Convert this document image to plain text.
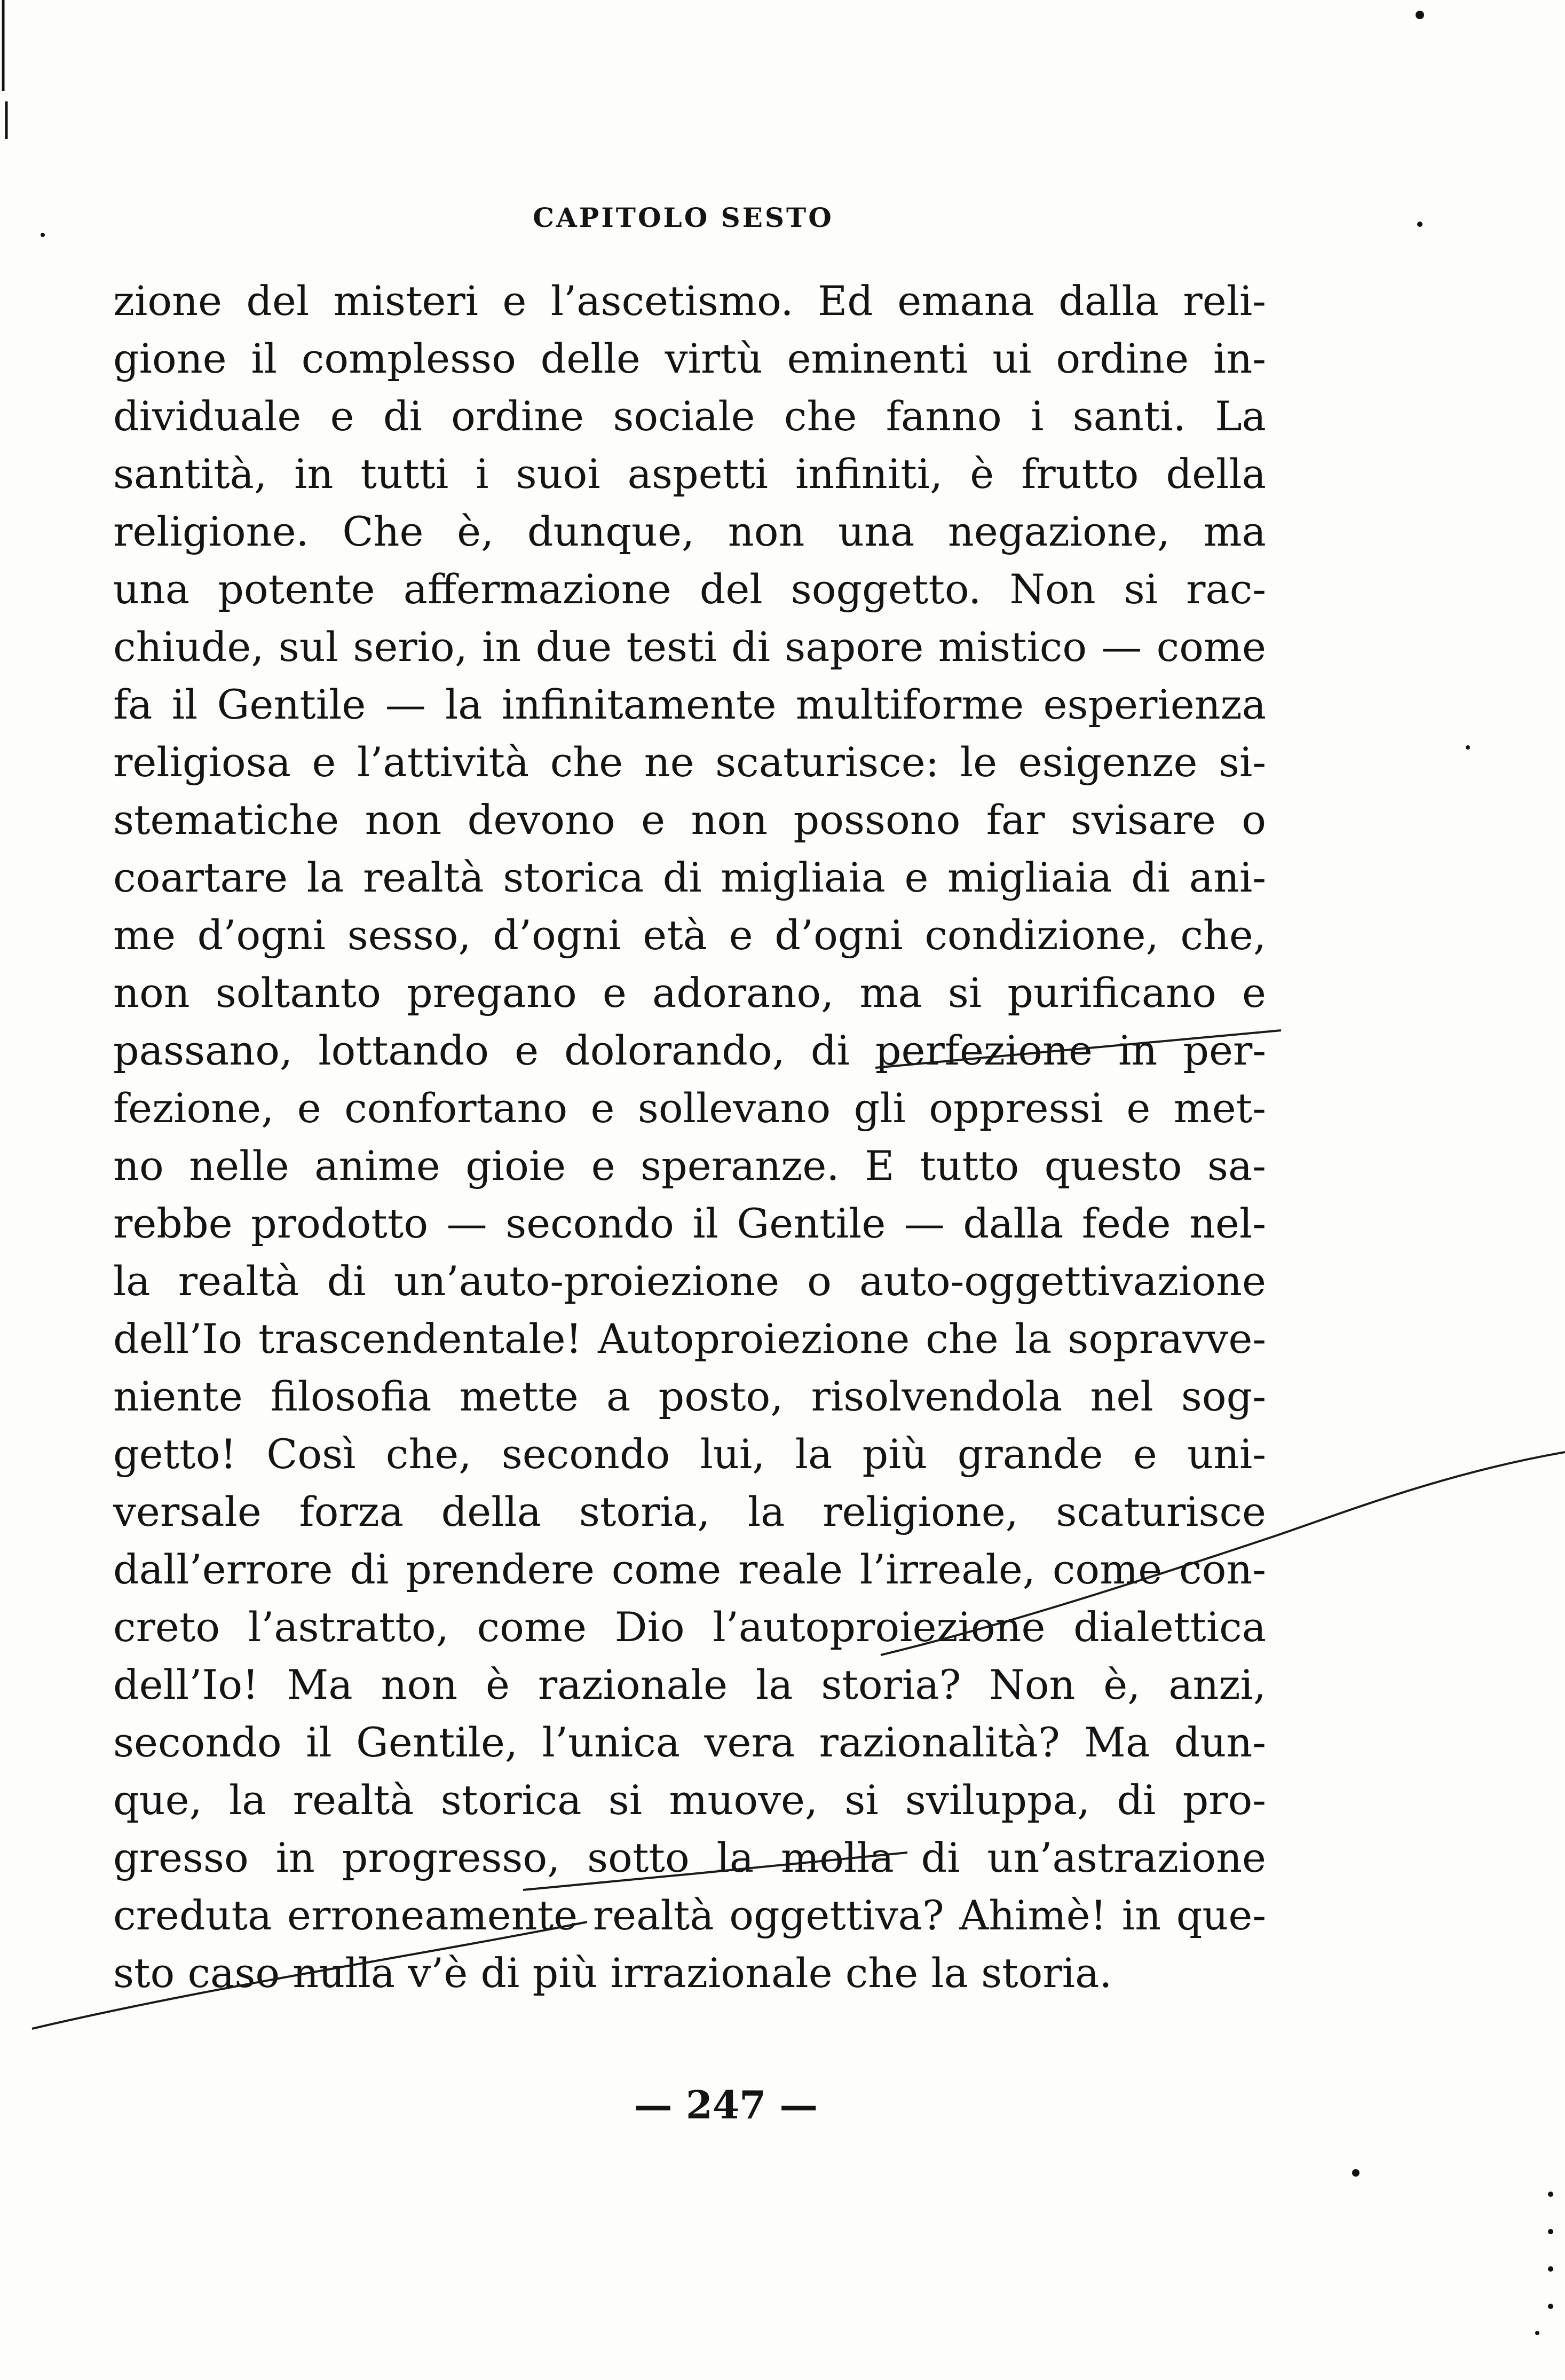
CAPITOLO SESTO
zione del misteri e l’ascetismo. Ed emana dalla reli-
gione il complesso delle virtù eminenti ui ordine in-
dividuale e di ordine sociale che fanno i santi. La
santità, in tutti i suoi aspetti infiniti, è frutto della
religione. Che è, dunque, non una negazione, ma
una potente affermazione del soggetto. Non si rac-
chiude, sul serio, in due testi di sapore mistico — come
fa il Gentile — la infinitamente multiforme esperienza
religiosa e l’attività che ne scaturisce: le esigenze si-
stematiche non devono e non possono far svisare o
coartare la realtà storica di migliaia e migliaia di ani-
me d’ogni sesso, d’ogni età e d’ogni condizione, che,
non soltanto pregano e adorano, ma si purificano e
passano, lottando e dolorando, di perfezione in per-
fezione, e confortano e sollevano gli oppressi e met-
no nelle anime gioie e speranze. E tutto questo sa-
rebbe prodotto — secondo il Gentile — dalla fede nel-
la realtà di un’auto-proiezione o auto-oggettivazione
dell’Io trascendentale! Autoproiezione che la sopravve-
niente filosofia mette a posto, risolvendola nel sog-
getto! Così che, secondo lui, la più grande e uni-
versale forza della storia, la religione, scaturisce
dall’errore di prendere come reale l’irreale, come con-
creto l’astratto, come Dio l’autoproiezione dialettica
dell’Io! Ma non è razionale la storia? Non è, anzi,
secondo il Gentile, l’unica vera razionalità? Ma dun-
que, la realtà storica si muove, si sviluppa, di pro-
gresso in progresso, sotto la molla di un’astrazione
creduta erroneamente realtà oggettiva? Ahimè! in que-
sto caso nulla v’è di più irrazionale che la storia.
— 247 —
